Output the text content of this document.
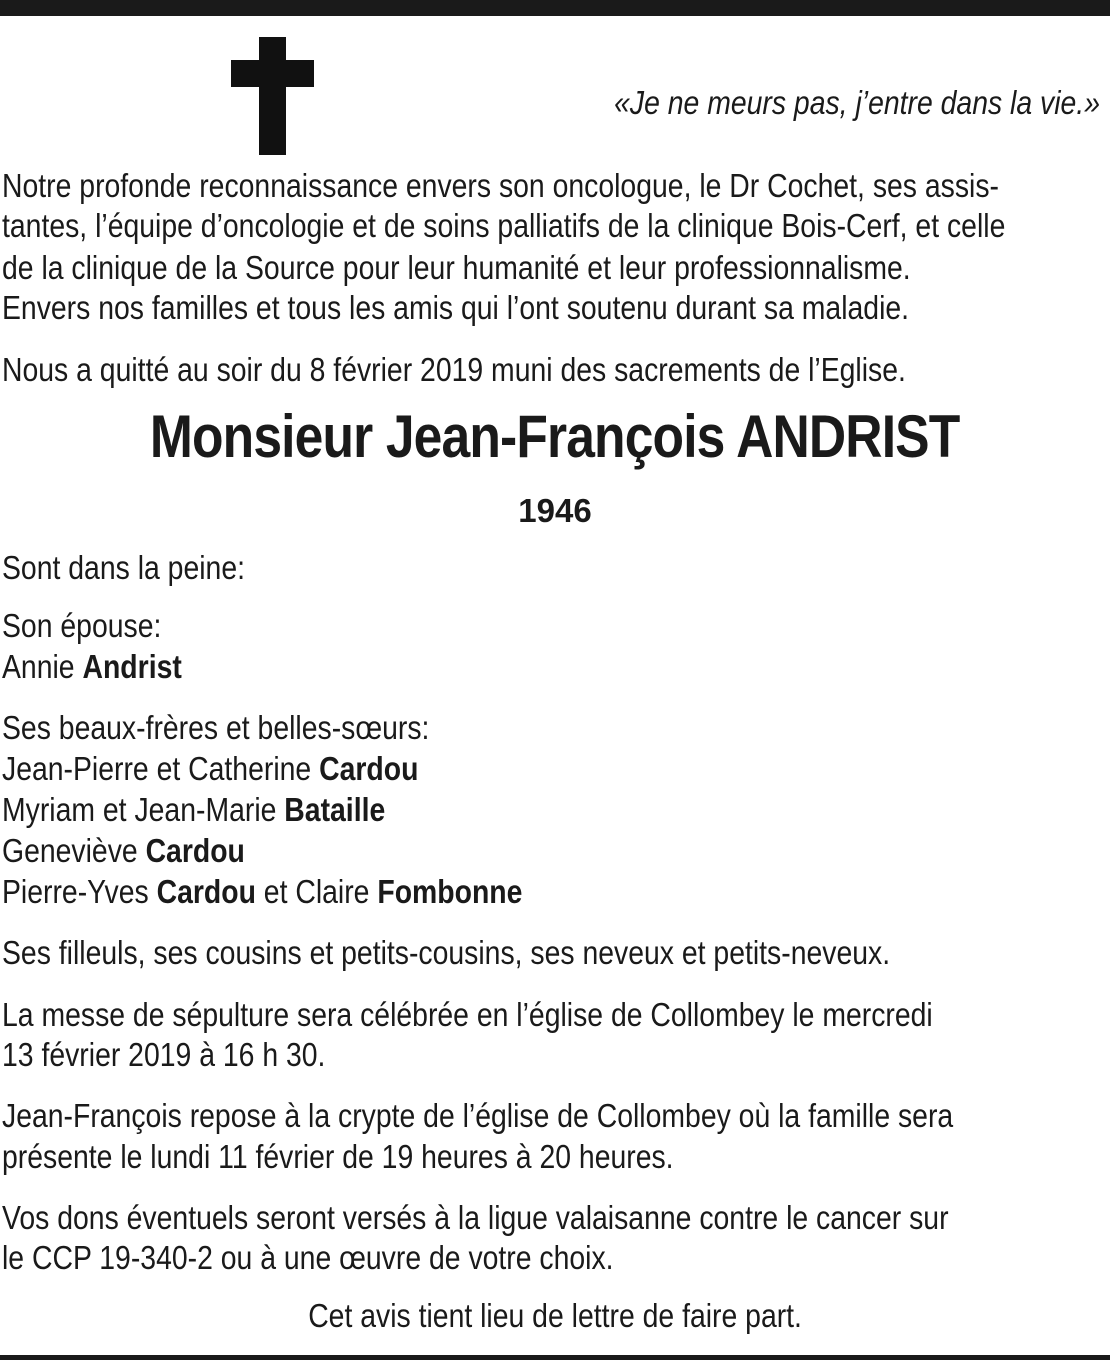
«Je ne meurs pas, j’entre dans la vie.»
Notre profonde reconnaissance envers son oncologue, le Dr Cochet, ses assis-
tantes, l’équipe d’oncologie et de soins palliatifs de la clinique Bois-Cerf, et celle
de la clinique de la Source pour leur humanité et leur professionnalisme.
Envers nos familles et tous les amis qui l’ont soutenu durant sa maladie.
Nous a quitté au soir du 8 février 2019 muni des sacrements de l’Eglise.
Monsieur Jean-François ANDRIST
1946
Sont dans la peine:
Son épouse:
Annie Andrist
Ses beaux-frères et belles-sœurs:
Jean-Pierre et Catherine Cardou
Myriam et Jean-Marie Bataille
Geneviève Cardou
Pierre-Yves Cardou et Claire Fombonne
Ses filleuls, ses cousins et petits-cousins, ses neveux et petits-neveux.
La messe de sépulture sera célébrée en l’église de Collombey le mercredi
13 février 2019 à 16 h 30.
Jean-François repose à la crypte de l’église de Collombey où la famille sera
présente le lundi 11 février de 19 heures à 20 heures.
Vos dons éventuels seront versés à la ligue valaisanne contre le cancer sur
le CCP 19-340-2 ou à une œuvre de votre choix.
Cet avis tient lieu de lettre de faire part.
